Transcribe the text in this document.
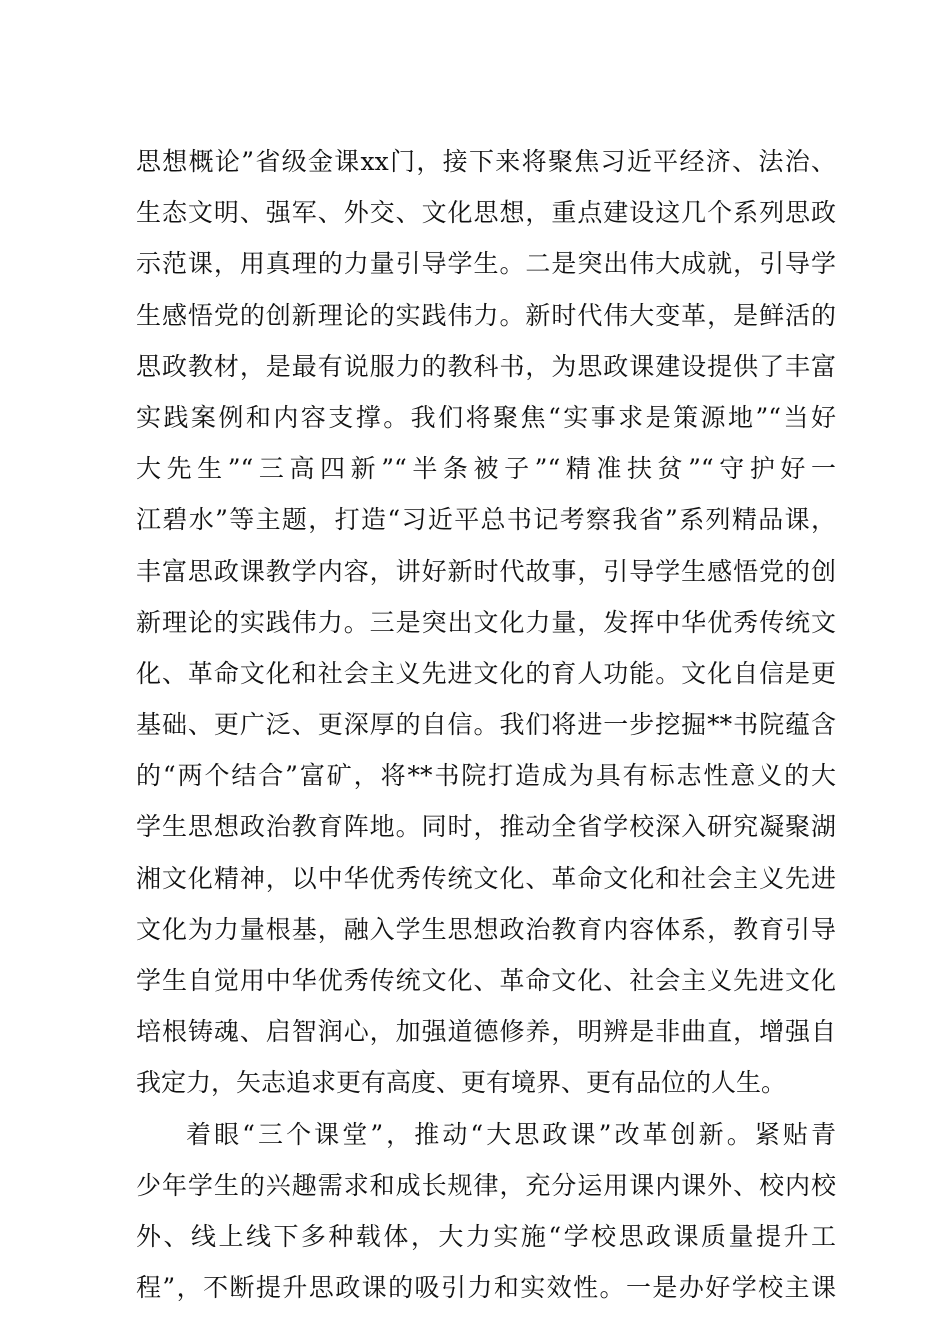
思想概论”省级金课xx门，接下来将聚焦习近平经济、法治、
生态文明、强军、外交、文化思想，重点建设这几个系列思政
示范课，用真理的力量引导学生。二是突出伟大成就，引导学
生感悟党的创新理论的实践伟力。新时代伟大变革，是鲜活的
思政教材，是最有说服力的教科书，为思政课建设提供了丰富
实践案例和内容支撑。我们将聚焦“实事求是策源地”“当好
大先生”“三高四新”“半条被子”“精准扶贫”“守护好一
江碧水”等主题，打造“习近平总书记考察我省”系列精品课，
丰富思政课教学内容，讲好新时代故事，引导学生感悟党的创
新理论的实践伟力。三是突出文化力量，发挥中华优秀传统文
化、革命文化和社会主义先进文化的育人功能。文化自信是更
基础、更广泛、更深厚的自信。我们将进一步挖掘**书院蕴含
的“两个结合”富矿，将**书院打造成为具有标志性意义的大
学生思想政治教育阵地。同时，推动全省学校深入研究凝聚湖
湘文化精神，以中华优秀传统文化、革命文化和社会主义先进
文化为力量根基，融入学生思想政治教育内容体系，教育引导
学生自觉用中华优秀传统文化、革命文化、社会主义先进文化
培根铸魂、启智润心，加强道德修养，明辨是非曲直，增强自
我定力，矢志追求更有高度、更有境界、更有品位的人生。
着眼“三个课堂”，推动“大思政课”改革创新。紧贴青
少年学生的兴趣需求和成长规律，充分运用课内课外、校内校
外、线上线下多种载体，大力实施“学校思政课质量提升工
程”，不断提升思政课的吸引力和实效性。一是办好学校主课
